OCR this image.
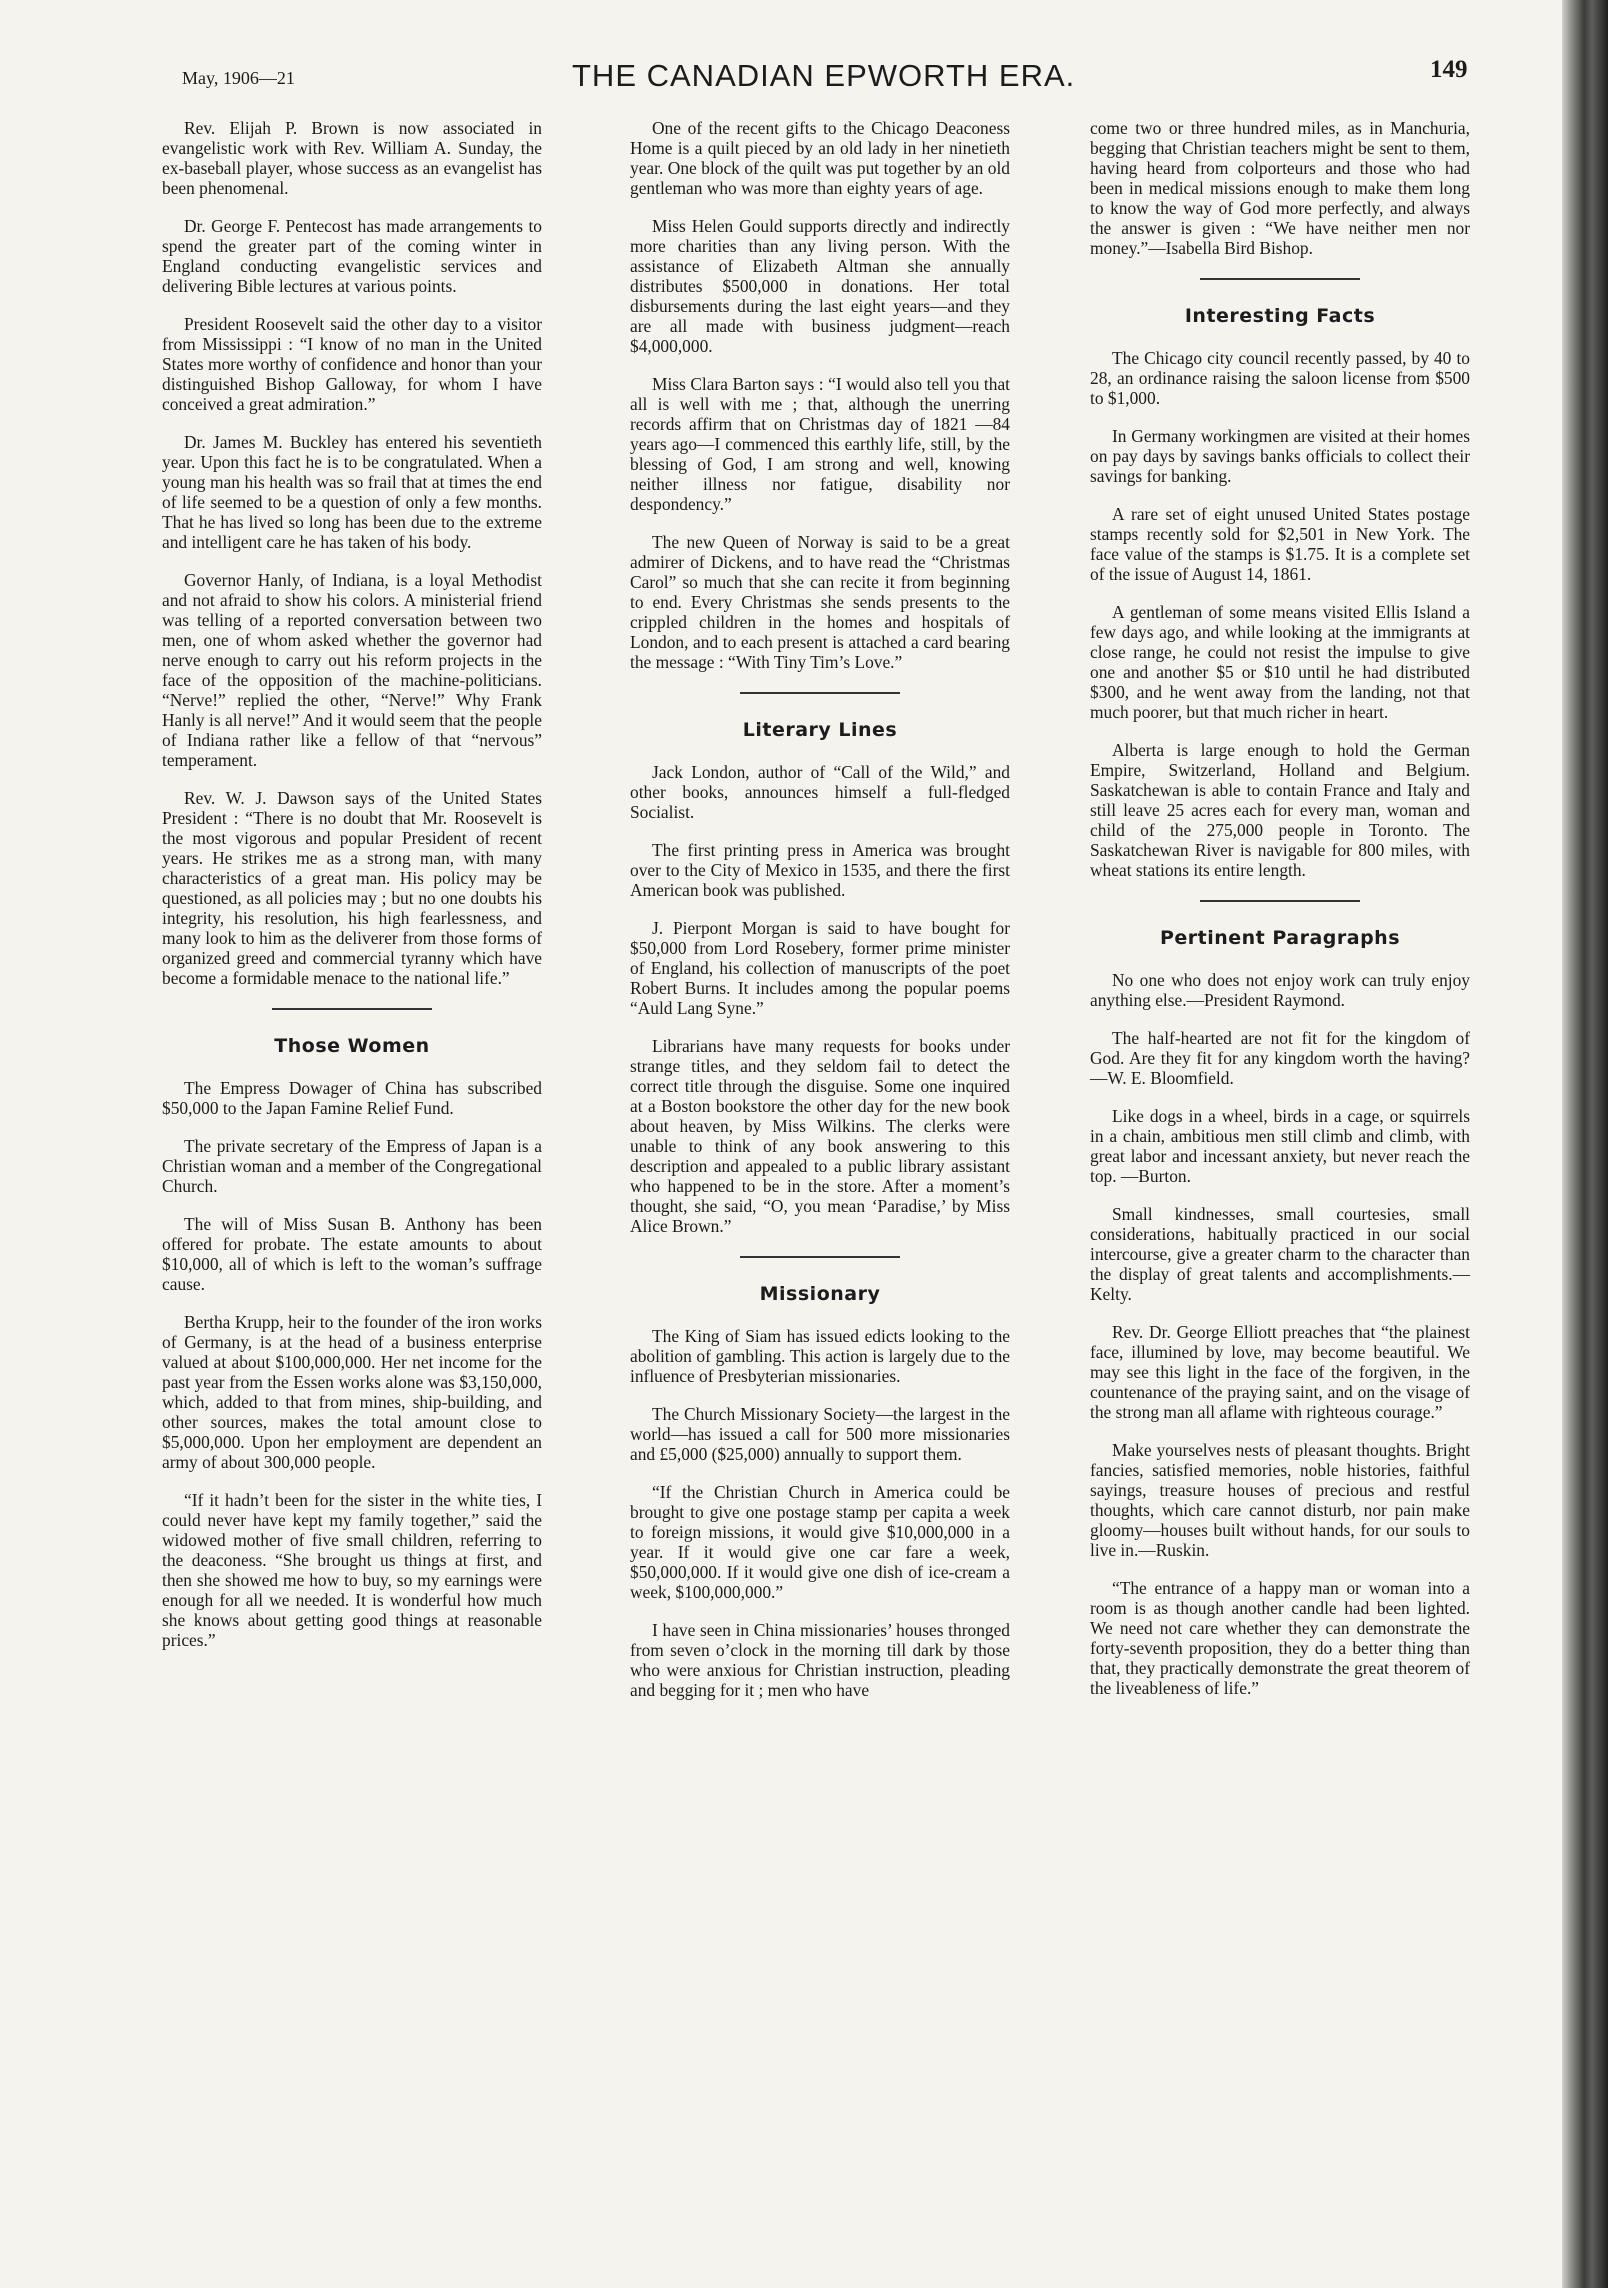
May, 1906—21	THE CANADIAN EPWORTH ERA.	149

Rev. Elijah P. Brown is now associated in evangelistic work with Rev. William A. Sunday, the ex-baseball player, whose success as an evangelist has been phenomenal.

Dr. George F. Pentecost has made arrangements to spend the greater part of the coming winter in England conducting evangelistic services and delivering Bible lectures at various points.

President Roosevelt said the other day to a visitor from Mississippi : “I know of no man in the United States more worthy of confidence and honor than your distinguished Bishop Galloway, for whom I have conceived a great admiration.”

Dr. James M. Buckley has entered his seventieth year. Upon this fact he is to be congratulated. When a young man his health was so frail that at times the end of life seemed to be a question of only a few months. That he has lived so long has been due to the extreme and intelligent care he has taken of his body.

Governor Hanly, of Indiana, is a loyal Methodist and not afraid to show his colors. A ministerial friend was telling of a reported conversation between two men, one of whom asked whether the governor had nerve enough to carry out his reform projects in the face of the opposition of the machine-politicians. “Nerve!” replied the other, “Nerve!” Why Frank Hanly is all nerve!” And it would seem that the people of Indiana rather like a fellow of that “nervous” temperament.

Rev. W. J. Dawson says of the United States President : “There is no doubt that Mr. Roosevelt is the most vigorous and popular President of recent years. He strikes me as a strong man, with many characteristics of a great man. His policy may be questioned, as all policies may ; but no one doubts his integrity, his resolution, his high fearlessness, and many look to him as the deliverer from those forms of organized greed and commercial tyranny which have become a formidable menace to the national life.”

Those Women

The Empress Dowager of China has subscribed $50,000 to the Japan Famine Relief Fund.

The private secretary of the Empress of Japan is a Christian woman and a member of the Congregational Church.

The will of Miss Susan B. Anthony has been offered for probate. The estate amounts to about $10,000, all of which is left to the woman’s suffrage cause.

Bertha Krupp, heir to the founder of the iron works of Germany, is at the head of a business enterprise valued at about $100,000,000. Her net income for the past year from the Essen works alone was $3,150,000, which, added to that from mines, ship-building, and other sources, makes the total amount close to $5,000,000. Upon her employment are dependent an army of about 300,000 people.

“If it hadn’t been for the sister in the white ties, I could never have kept my family together,” said the widowed mother of five small children, referring to the deaconess. “She brought us things at first, and then she showed me how to buy, so my earnings were enough for all we needed. It is wonderful how much she knows about getting good things at reasonable prices.”

One of the recent gifts to the Chicago Deaconess Home is a quilt pieced by an old lady in her ninetieth year. One block of the quilt was put together by an old gentleman who was more than eighty years of age.

Miss Helen Gould supports directly and indirectly more charities than any living person. With the assistance of Elizabeth Altman she annually distributes $500,000 in donations. Her total disbursements during the last eight years—and they are all made with business judgment—reach $4,000,000.

Miss Clara Barton says : “I would also tell you that all is well with me ; that, although the unerring records affirm that on Christmas day of 1821 —84 years ago—I commenced this earthly life, still, by the blessing of God, I am strong and well, knowing neither illness nor fatigue, disability nor despondency.”

The new Queen of Norway is said to be a great admirer of Dickens, and to have read the “Christmas Carol” so much that she can recite it from beginning to end. Every Christmas she sends presents to the crippled children in the homes and hospitals of London, and to each present is attached a card bearing the message : “With Tiny Tim’s Love.”

Literary Lines

Jack London, author of “Call of the Wild,” and other books, announces himself a full-fledged Socialist.

The first printing press in America was brought over to the City of Mexico in 1535, and there the first American book was published.

J. Pierpont Morgan is said to have bought for $50,000 from Lord Rosebery, former prime minister of England, his collection of manuscripts of the poet Robert Burns. It includes among the popular poems “Auld Lang Syne.”

Librarians have many requests for books under strange titles, and they seldom fail to detect the correct title through the disguise. Some one inquired at a Boston bookstore the other day for the new book about heaven, by Miss Wilkins. The clerks were unable to think of any book answering to this description and appealed to a public library assistant who happened to be in the store. After a moment’s thought, she said, “O, you mean ‘Paradise,’ by Miss Alice Brown.”

Missionary

The King of Siam has issued edicts looking to the abolition of gambling. This action is largely due to the influence of Presbyterian missionaries.

The Church Missionary Society—the largest in the world—has issued a call for 500 more missionaries and £5,000 ($25,000) annually to support them.

“If the Christian Church in America could be brought to give one postage stamp per capita a week to foreign missions, it would give $10,000,000 in a year. If it would give one car fare a week, $50,000,000. If it would give one dish of ice-cream a week, $100,000,000.”

I have seen in China missionaries’ houses thronged from seven o’clock in the morning till dark by those who were anxious for Christian instruction, pleading and begging for it ; men who have

come two or three hundred miles, as in Manchuria, begging that Christian teachers might be sent to them, having heard from colporteurs and those who had been in medical missions enough to make them long to know the way of God more perfectly, and always the answer is given : “We have neither men nor money.”—Isabella Bird Bishop.

Interesting Facts

The Chicago city council recently passed, by 40 to 28, an ordinance raising the saloon license from $500 to $1,000.

In Germany workingmen are visited at their homes on pay days by savings banks officials to collect their savings for banking.

A rare set of eight unused United States postage stamps recently sold for $2,501 in New York. The face value of the stamps is $1.75. It is a complete set of the issue of August 14, 1861.

A gentleman of some means visited Ellis Island a few days ago, and while looking at the immigrants at close range, he could not resist the impulse to give one and another $5 or $10 until he had distributed $300, and he went away from the landing, not that much poorer, but that much richer in heart.

Alberta is large enough to hold the German Empire, Switzerland, Holland and Belgium. Saskatchewan is able to contain France and Italy and still leave 25 acres each for every man, woman and child of the 275,000 people in Toronto. The Saskatchewan River is navigable for 800 miles, with wheat stations its entire length.

Pertinent Paragraphs

No one who does not enjoy work can truly enjoy anything else.—President Raymond.

The half-hearted are not fit for the kingdom of God. Are they fit for any kingdom worth the having?—W. E. Bloomfield.

Like dogs in a wheel, birds in a cage, or squirrels in a chain, ambitious men still climb and climb, with great labor and incessant anxiety, but never reach the top. —Burton.

Small kindnesses, small courtesies, small considerations, habitually practiced in our social intercourse, give a greater charm to the character than the display of great talents and accomplishments.—Kelty.

Rev. Dr. George Elliott preaches that “the plainest face, illumined by love, may become beautiful. We may see this light in the face of the forgiven, in the countenance of the praying saint, and on the visage of the strong man all aflame with righteous courage.”

Make yourselves nests of pleasant thoughts. Bright fancies, satisfied memories, noble histories, faithful sayings, treasure houses of precious and restful thoughts, which care cannot disturb, nor pain make gloomy—houses built without hands, for our souls to live in.—Ruskin.

“The entrance of a happy man or woman into a room is as though another candle had been lighted. We need not care whether they can demonstrate the forty-seventh proposition, they do a better thing than that, they practically demonstrate the great theorem of the liveableness of life.”
